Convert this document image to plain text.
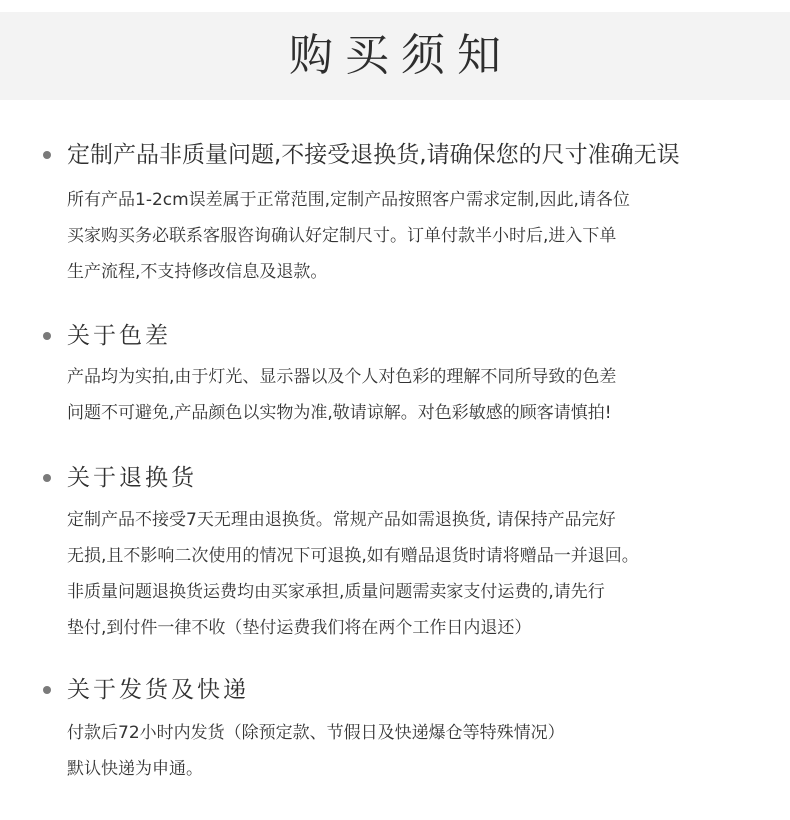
购买须知
定制产品非质量问题,不接受退换货,请确保您的尺寸准确无误
所有产品1-2cm误差属于正常范围,定制产品按照客户需求定制,因此,请各位
买家购买务必联系客服咨询确认好定制尺寸。订单付款半小时后,进入下单
生产流程,不支持修改信息及退款。
关于色差
产品均为实拍,由于灯光、显示器以及个人对色彩的理解不同所导致的色差
问题不可避免,产品颜色以实物为准,敬请谅解。对色彩敏感的顾客请慎拍!
关于退换货
定制产品不接受7天无理由退换货。常规产品如需退换货, 请保持产品完好
无损,且不影响二次使用的情况下可退换,如有赠品退货时请将赠品一并退回。
非质量问题退换货运费均由买家承担,质量问题需卖家支付运费的,请先行
垫付,到付件一律不收（垫付运费我们将在两个工作日内退还）
关于发货及快递
付款后72小时内发货（除预定款、节假日及快递爆仓等特殊情况）
默认快递为申通。
